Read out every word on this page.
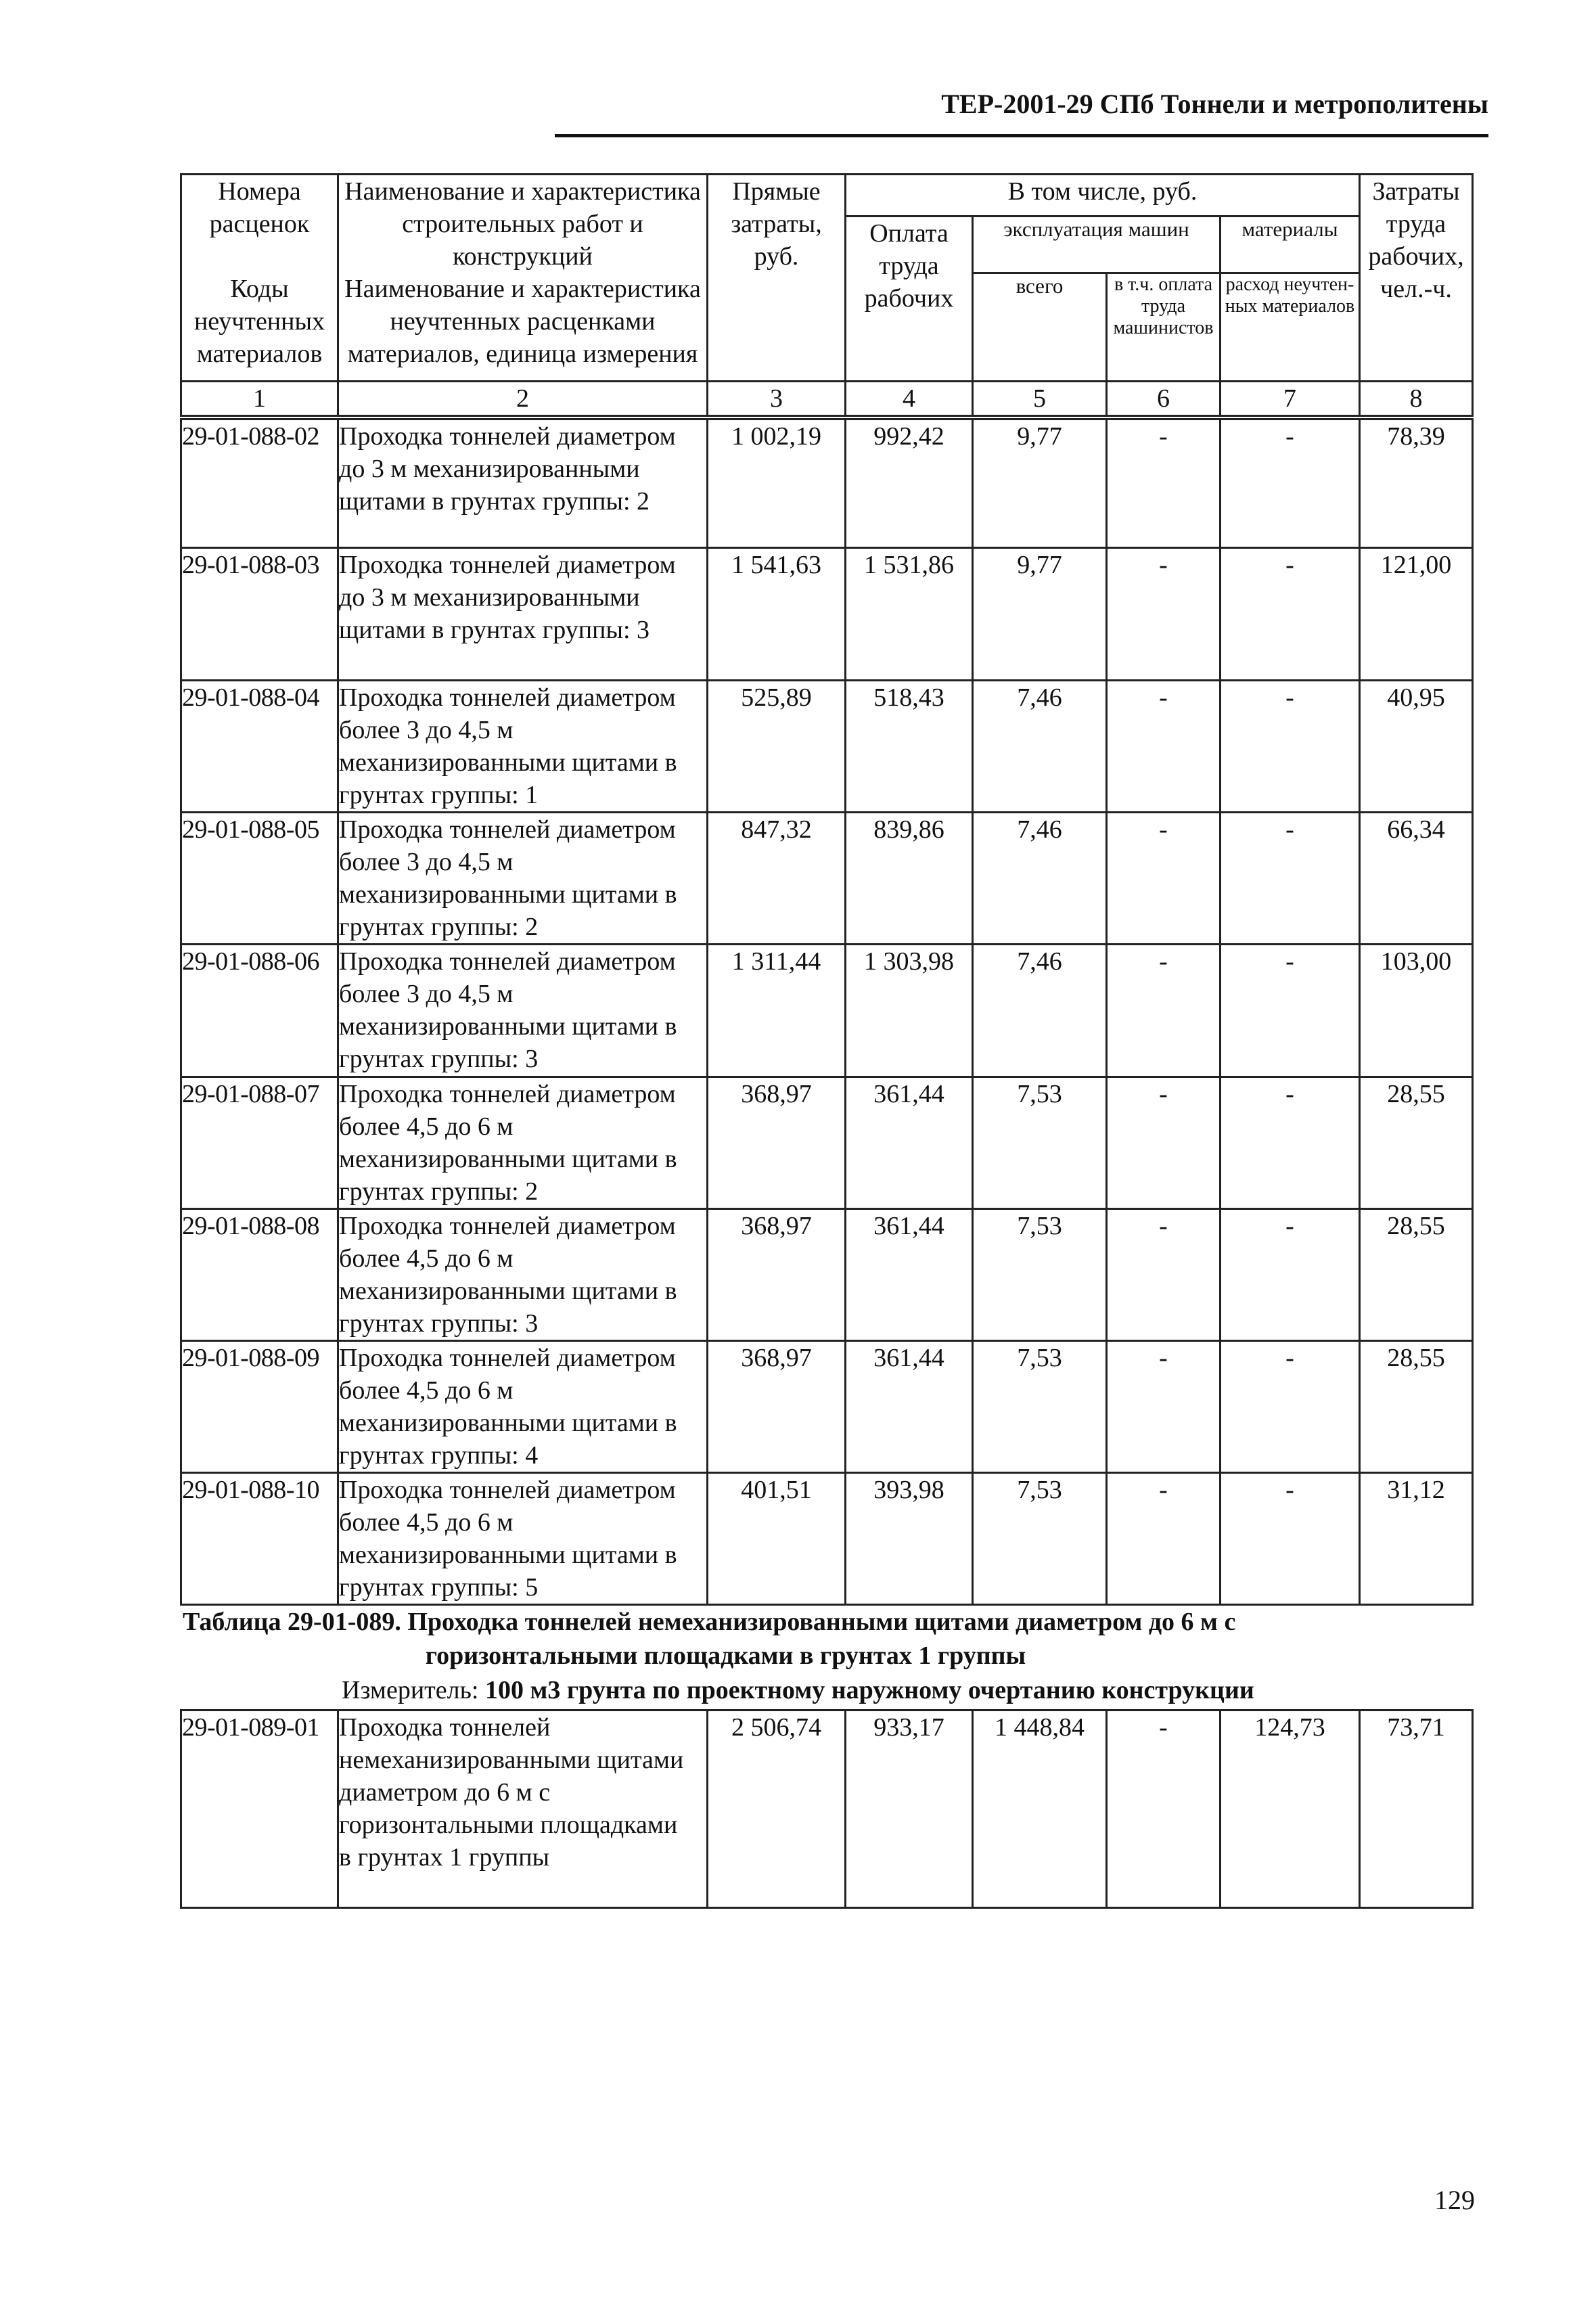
ТЕР-2001-29 СПб Тоннели и метрополитены
Номера расценок	Наименование и характеристика строительных работ и конструкций	Прямые затраты, руб.	В том числе, руб.				Затраты труда рабочих, чел.-ч.
			Оплата труда рабочих	эксплуатация машин		материалы	
Коды неучтенных материалов	Наименование и характеристика неучтенных расценками материалов, единица измерения			всего	в т.ч. оплата труда машинистов	расход неучтен-ных материалов	

1	2	3	4	5	6	7	8
29-01-088-02	Проходка тоннелей диаметром
до 3 м механизированными
щитами в грунтах группы: 2	1 002,19	992,42	9,77	-	-	78,39
29-01-088-03	Проходка тоннелей диаметром
до 3 м механизированными
щитами в грунтах группы: 3	1 541,63	1 531,86	9,77	-	-	121,00
29-01-088-04	Проходка тоннелей диаметром
более 3 до 4,5 м
механизированными щитами в
грунтах группы: 1	525,89	518,43	7,46	-	-	40,95
29-01-088-05	Проходка тоннелей диаметром
более 3 до 4,5 м
механизированными щитами в
грунтах группы: 2	847,32	839,86	7,46	-	-	66,34
29-01-088-06	Проходка тоннелей диаметром
более 3 до 4,5 м
механизированными щитами в
грунтах группы: 3	1 311,44	1 303,98	7,46	-	-	103,00
29-01-088-07	Проходка тоннелей диаметром
более 4,5 до 6 м
механизированными щитами в
грунтах группы: 2	368,97	361,44	7,53	-	-	28,55
29-01-088-08	Проходка тоннелей диаметром
более 4,5 до 6 м
механизированными щитами в
грунтах группы: 3	368,97	361,44	7,53	-	-	28,55
29-01-088-09	Проходка тоннелей диаметром
более 4,5 до 6 м
механизированными щитами в
грунтах группы: 4	368,97	361,44	7,53	-	-	28,55
29-01-088-10	Проходка тоннелей диаметром
более 4,5 до 6 м
механизированными щитами в
грунтах группы: 5	401,51	393,98	7,53	-	-	31,12
Таблица 29-01-089. Проходка тоннелей немеханизированными щитами диаметром до 6 м с
горизонтальными площадками в грунтах 1 группы
Измеритель: 100 м3 грунта по проектному наружному очертанию конструкции
29-01-089-01	Проходка тоннелей
немеханизированными щитами
диаметром до 6 м с
горизонтальными площадками
в грунтах 1 группы
	2 506,74	933,17	1 448,84	-	124,73	73,71
129
